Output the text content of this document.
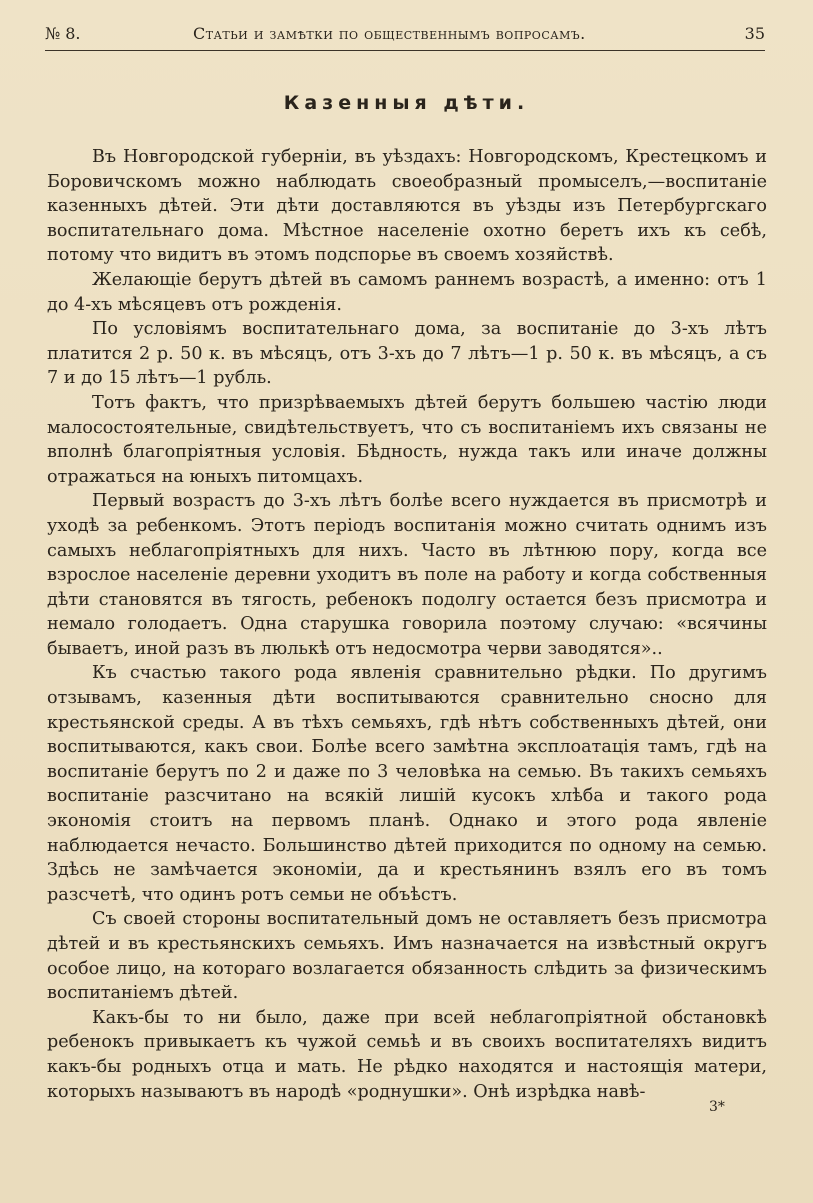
№ 8.	Статьи и замѣтки по общественнымъ вопросамъ.	35
Казенныя дѣти.

Въ Новгородской губерніи, въ уѣздахъ: Новгородскомъ, Крестецкомъ и Боровичскомъ можно наблюдать своеобразный промыселъ,—воспитаніе казенныхъ дѣтей. Эти дѣти доставляются въ уѣзды изъ Петербургскаго воспитательнаго дома. Мѣстное населеніе охотно беретъ ихъ къ себѣ, потому что видитъ въ этомъ подспорье въ своемъ хозяйствѣ.

Желающіе берутъ дѣтей въ самомъ раннемъ возрастѣ, а именно: отъ 1 до 4-хъ мѣсяцевъ отъ рожденія.

По условіямъ воспитательнаго дома, за воспитаніе до 3-хъ лѣтъ платится 2 р. 50 к. въ мѣсяцъ, отъ 3-хъ до 7 лѣтъ—1 р. 50 к. въ мѣсяцъ, а съ 7 и до 15 лѣтъ—1 рубль.

Тотъ фактъ, что призрѣваемыхъ дѣтей берутъ большею частію люди малосостоятельные, свидѣтельствуетъ, что съ воспитаніемъ ихъ связаны не вполнѣ благопріятныя условія. Бѣдность, нужда такъ или иначе должны отражаться на юныхъ питомцахъ.

Первый возрастъ до 3-хъ лѣтъ болѣе всего нуждается въ присмотрѣ и уходѣ за ребенкомъ. Этотъ періодъ воспитанія можно считать однимъ изъ самыхъ неблагопріятныхъ для нихъ. Часто въ лѣтнюю пору, когда все взрослое населеніе деревни уходитъ въ поле на работу и когда собственныя дѣти становятся въ тягость, ребенокъ подолгу остается безъ присмотра и немало голодаетъ. Одна старушка говорила поэтому случаю: «всячины бываетъ, иной разъ въ люлькѣ отъ недосмотра черви заводятся»..

Къ счастью такого рода явленія сравнительно рѣдки. По другимъ отзывамъ, казенныя дѣти воспитываются сравнительно сносно для крестьянской среды. А въ тѣхъ семьяхъ, гдѣ нѣтъ собственныхъ дѣтей, они воспитываются, какъ свои. Болѣе всего замѣтна эксплоатація тамъ, гдѣ на воспитаніе берутъ по 2 и даже по 3 человѣка на семью. Въ такихъ семьяхъ воспитаніе разсчитано на всякій лишій кусокъ хлѣба и такого рода экономія стоитъ на первомъ планѣ. Однако и этого рода явленіе наблюдается нечасто. Большинство дѣтей приходится по одному на семью. Здѣсь не замѣчается экономіи, да и крестьянинъ взялъ его въ томъ разсчетѣ, что одинъ ротъ семьи не объѣстъ.

Съ своей стороны воспитательный домъ не оставляетъ безъ присмотра дѣтей и въ крестьянскихъ семьяхъ. Имъ назначается на извѣстный округъ особое лицо, на котораго возлагается обязанность слѣдить за физическимъ воспитаніемъ дѣтей.

Какъ-бы то ни было, даже при всей неблагопріятной обстановкѣ ребенокъ привыкаетъ къ чужой семьѣ и въ своихъ воспитателяхъ видитъ какъ-бы родныхъ отца и мать. Не рѣдко находятся и настоящія матери, которыхъ называютъ въ народѣ «роднушки». Онѣ изрѣдка навѣ-

3*
